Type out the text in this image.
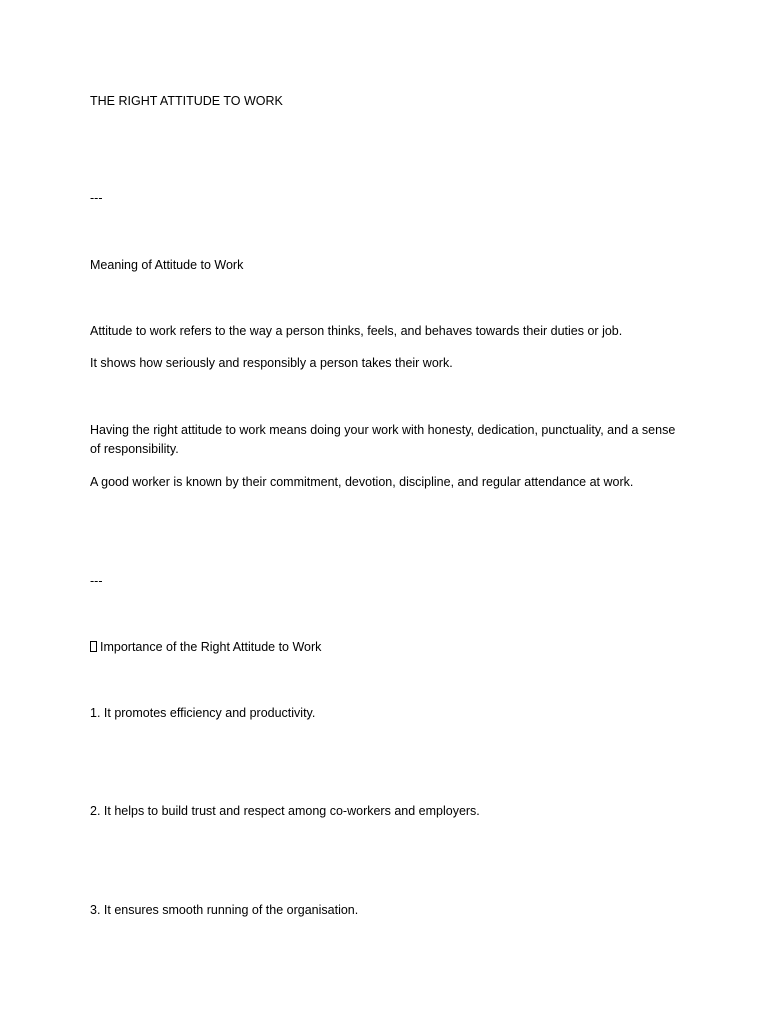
THE RIGHT ATTITUDE TO WORK

---

Meaning of Attitude to Work

Attitude to work refers to the way a person thinks, feels, and behaves towards their duties or job.

It shows how seriously and responsibly a person takes their work.

Having the right attitude to work means doing your work with honesty, dedication, punctuality, and a sense of responsibility.

A good worker is known by their commitment, devotion, discipline, and regular attendance at work.

---

Importance of the Right Attitude to Work

1. It promotes efficiency and productivity.

2. It helps to build trust and respect among co-workers and employers.

3. It ensures smooth running of the organisation.
